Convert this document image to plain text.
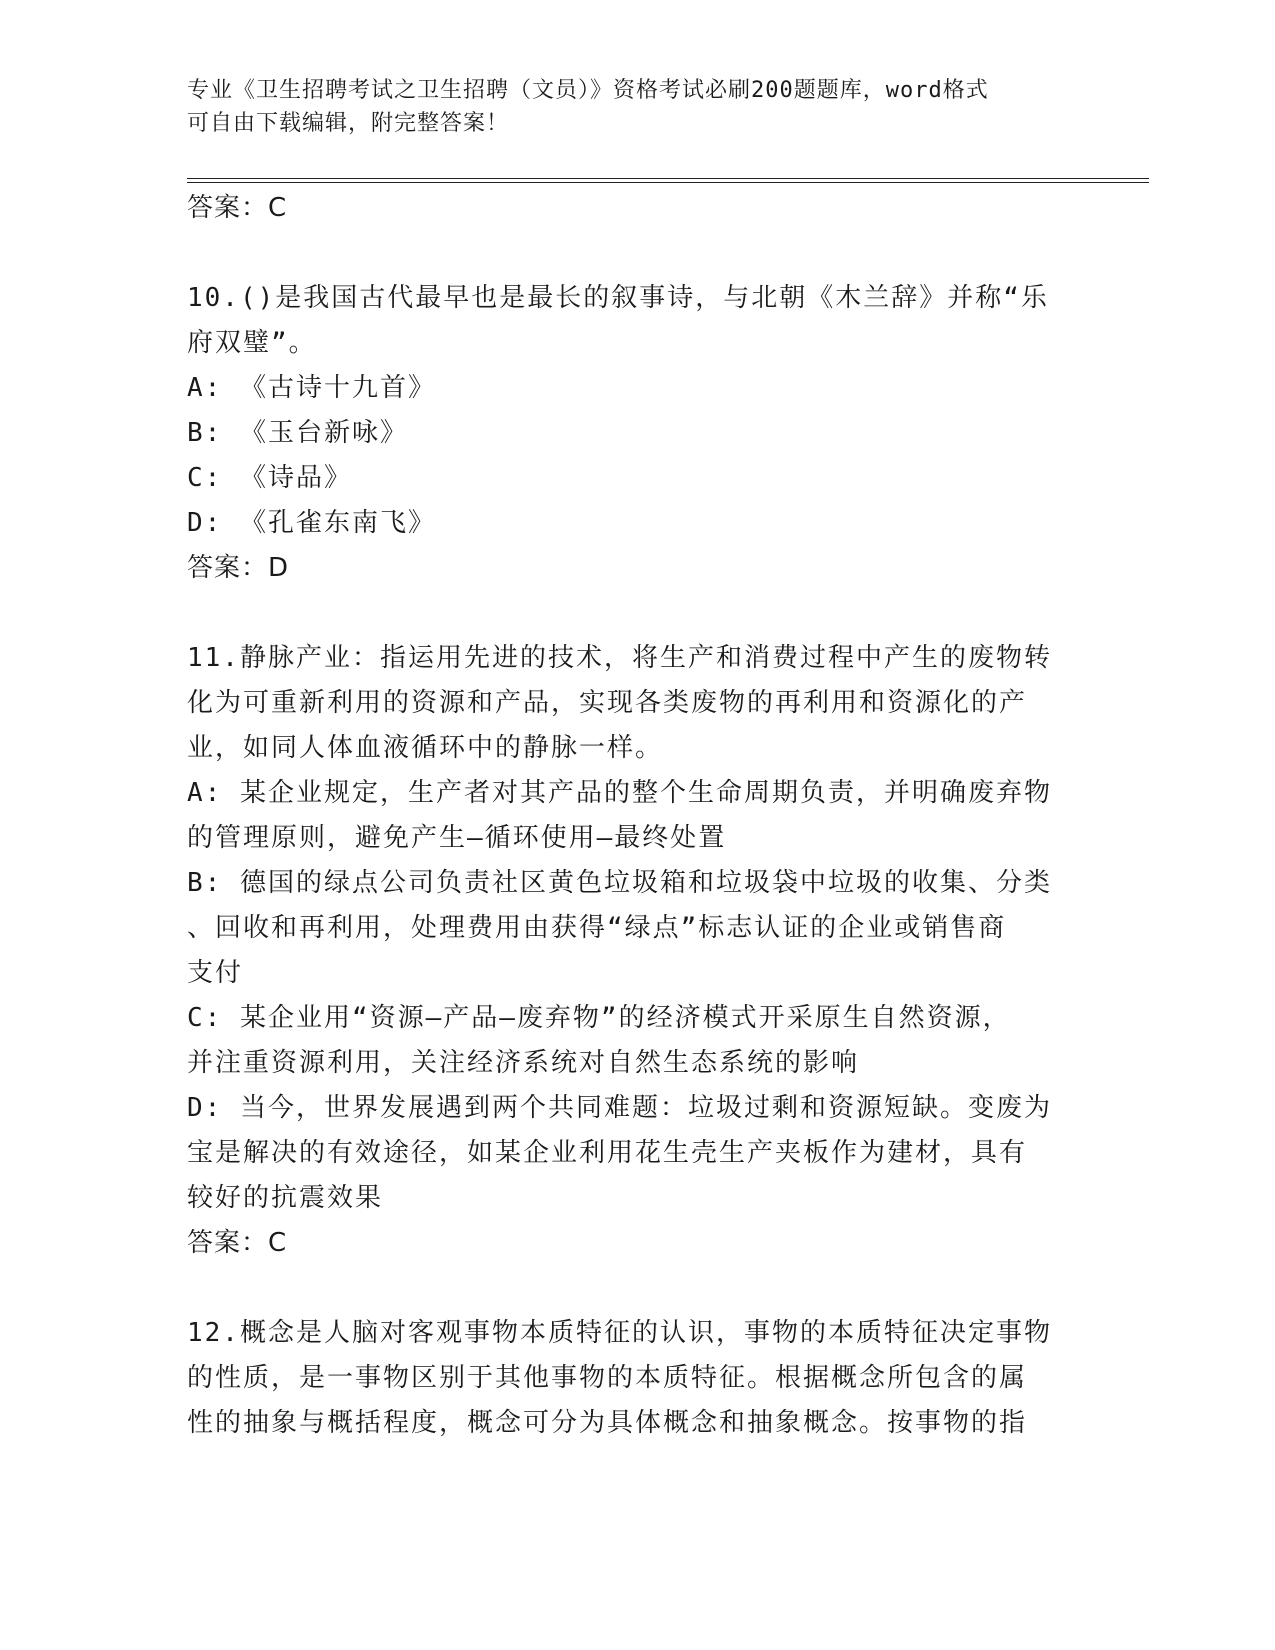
专业《卫生招聘考试之卫生招聘（文员）》资格考试必刷200题题库，word格式
可自由下载编辑，附完整答案！
答案：C
10.()是我国古代最早也是最长的叙事诗，与北朝《木兰辞》并称“乐
府双璧”。
A: 《古诗十九首》
B: 《玉台新咏》
C: 《诗品》
D: 《孔雀东南飞》
答案：D
11.静脉产业：指运用先进的技术，将生产和消费过程中产生的废物转
化为可重新利用的资源和产品，实现各类废物的再利用和资源化的产
业，如同人体血液循环中的静脉一样。
A: 某企业规定，生产者对其产品的整个生命周期负责，并明确废弃物
的管理原则，避免产生—循环使用—最终处置
B: 德国的绿点公司负责社区黄色垃圾箱和垃圾袋中垃圾的收集、分类
、回收和再利用，处理费用由获得“绿点”标志认证的企业或销售商
支付
C: 某企业用“资源—产品—废弃物”的经济模式开采原生自然资源，
并注重资源利用，关注经济系统对自然生态系统的影响
D: 当今，世界发展遇到两个共同难题：垃圾过剩和资源短缺。变废为
宝是解决的有效途径，如某企业利用花生壳生产夹板作为建材，具有
较好的抗震效果
答案：C
12.概念是人脑对客观事物本质特征的认识，事物的本质特征决定事物
的性质，是一事物区别于其他事物的本质特征。根据概念所包含的属
性的抽象与概括程度，概念可分为具体概念和抽象概念。按事物的指
